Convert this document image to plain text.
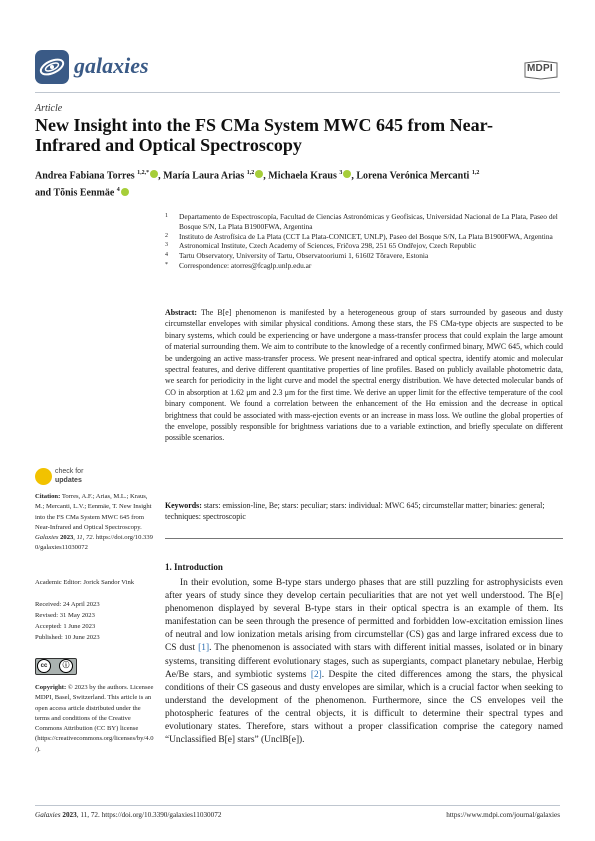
galaxies	MDPI
Article
New Insight into the FS CMa System MWC 645 from Near-Infrared and Optical Spectroscopy
Andrea Fabiana Torres $^{1,2,*}$ , María Laura Arias $^{1,2}$ , Michaela Kraus $^3$ , Lorena Verónica Mercanti $^{1,2}$
and Tõnis Eenmäe $^4$
1 Departamento de Espectroscopía, Facultad de Ciencias Astronómicas y Geofísicas, Universidad Nacional de La Plata, Paseo del Bosque S/N, La Plata B1900FWA, Argentina
2 Instituto de Astrofísica de La Plata (CCT La Plata-CONICET, UNLP), Paseo del Bosque S/N, La Plata B1900FWA, Argentina
3 Astronomical Institute, Czech Academy of Sciences, Fričova 298, 251 65 Ondřejov, Czech Republic
4 Tartu Observatory, University of Tartu, Observatooriumi 1, 61602 Tõravere, Estonia
* Correspondence: atorres@fcaglp.unlp.edu.ar
Abstract: The B[e] phenomenon is manifested by a heterogeneous group of stars surrounded by gaseous and dusty circumstellar envelopes with similar physical conditions. Among these stars, the FS CMa-type objects are suspected to be binary systems, which could be experiencing or have undergone a mass-transfer process that could explain the large amount of material surrounding them. We aim to contribute to the knowledge of a recently confirmed binary, MWC 645, which could be undergoing an active mass-transfer process. We present near-infrared and optical spectra, identify atomic and molecular spectral features, and derive different quantitative properties of line profiles. Based on publicly available photometric data, we search for periodicity in the light curve and model the spectral energy distribution. We have detected molecular bands of CO in absorption at 1.62 μm and 2.3 μm for the first time. We derive an upper limit for the effective temperature of the cool binary component. We found a correlation between the enhancement of the Hα emission and the decrease in optical brightness that could be associated with mass-ejection events or an increase in mass loss. We outline the global properties of the envelope, possibly responsible for brightness variations due to a variable extinction, and briefly speculate on different possible scenarios.
Keywords: stars: emission-line, Be; stars: peculiar; stars: individual: MWC 645; circumstellar matter; binaries: general; techniques: spectroscopic
1. Introduction

In their evolution, some B-type stars undergo phases that are still puzzling for astrophysicists even after years of study since they develop certain peculiarities that are not yet well understood. The B[e] phenomenon displayed by several B-type stars in their optical spectra is an example of them. Its manifestation can be seen through the presence of permitted and forbidden low-excitation emission lines of neutral and low ionization metals arising from circumstellar (CS) gas and large infrared excess due to CS dust [1]. The phenomenon is associated with stars with different initial masses, isolated or in binary systems, transiting different evolutionary stages, such as supergiants, compact planetary nebulae, Herbig Ae/Be stars, and symbiotic systems [2]. Despite the cited differences among the stars, the physical conditions of their CS gaseous and dusty envelopes are similar, which is a crucial factor when seeking to understand the development of the phenomenon. Furthermore, since the CS envelopes veil the photospheric features of the central objects, it is difficult to determine their spectral types and evolutionary states. Therefore, stars without a proper classification comprise the category named “Unclassified B[e] stars” (UnclB[e]).

check for
updates
Citation: Torres, A.F.; Arias, M.L.; Kraus, M.; Mercanti, L.V.; Eenmäe, T. New Insight into the FS CMa System MWC 645 from Near-Infrared and Optical Spectroscopy. Galaxies 2023, 11, 72. https://doi.org/10.3390/galaxies11030072
Academic Editor: Jorick Sandor Vink
Received: 24 April 2023
Revised: 31 May 2023
Accepted: 1 June 2023
Published: 10 June 2023
cc	ⓘ
Copyright: © 2023 by the authors. Licensee MDPI, Basel, Switzerland. This article is an open access article distributed under the terms and conditions of the Creative Commons Attribution (CC BY) license (https://creativecommons.org/licenses/by/4.0/).
Galaxies 2023, 11, 72. https://doi.org/10.3390/galaxies11030072	https://www.mdpi.com/journal/galaxies
